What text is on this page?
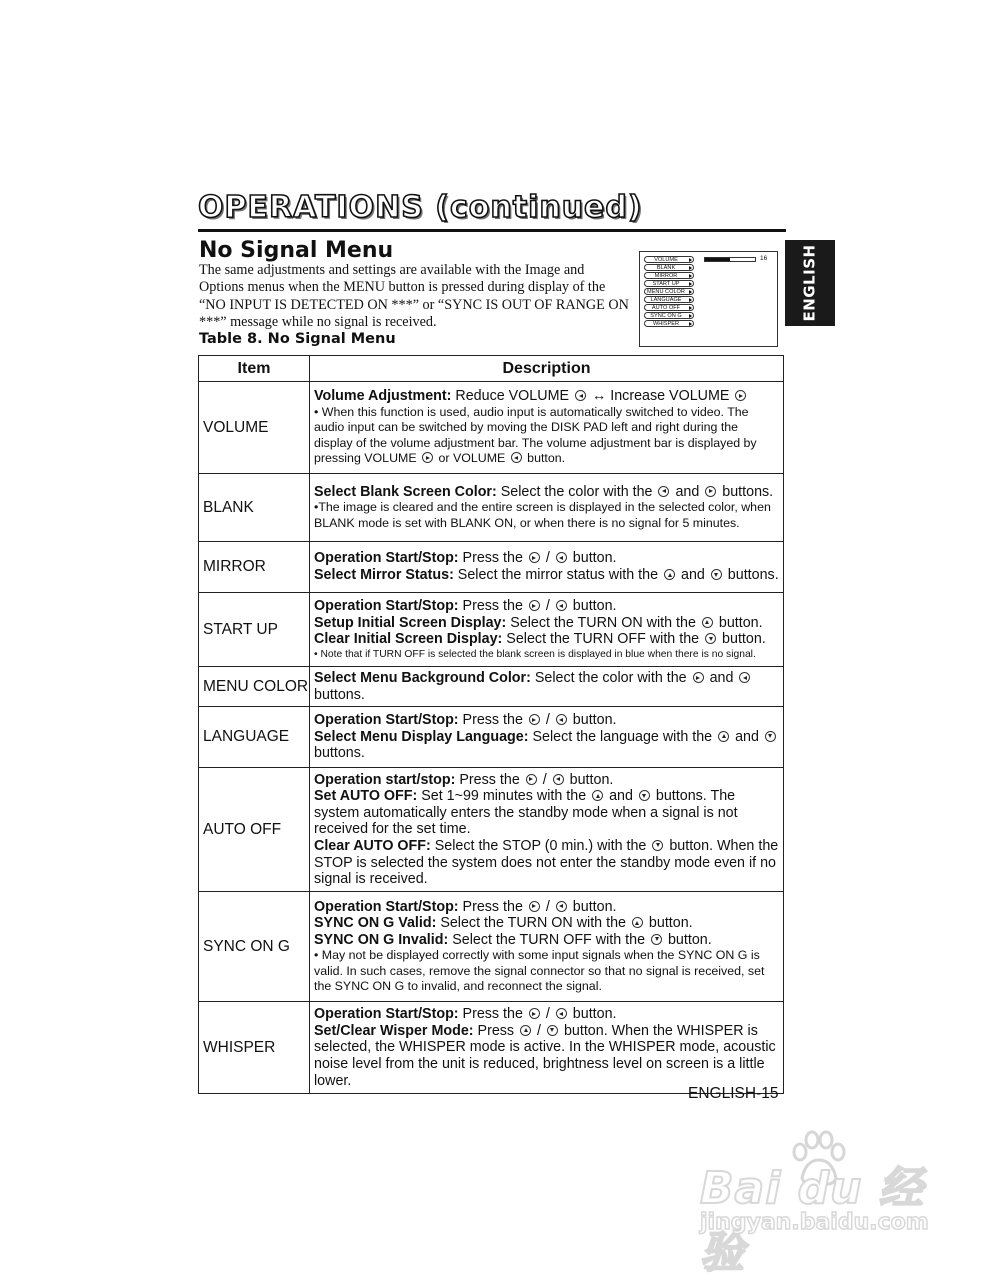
OPERATIONS (continued)
No Signal Menu

The same adjustments and settings are available with the Image and Options menus when the MENU button is pressed during display of the “NO INPUT IS DETECTED ON ***” or “SYNC IS OUT OF RANGE ON ***” message while no signal is received.

Table 8. No Signal Menu
VOLUME
BLANK
MIRROR
START UP
MENU COLOR
LANGUAGE
AUTO OFF
SYNC ON G
WHISPER
16 ENGLISH
Item	Description
VOLUME	Volume Adjustment: Reduce VOLUME  ↔ Increase VOLUME
• When this function is used, audio input is automatically switched to video. The audio input can be switched by moving the DISK PAD left and right during the display of the volume adjustment bar. The volume adjustment bar is displayed by pressing VOLUME  or VOLUME  button.

BLANK	Select Blank Screen Color: Select the color with the  and  buttons.
•The image is cleared and the entire screen is displayed in the selected color, when BLANK mode is set with BLANK ON, or when there is no signal for 5 minutes.

MIRROR	Operation Start/Stop: Press the  /  button.
Select Mirror Status: Select the mirror status with the  and  buttons.

START UP	Operation Start/Stop: Press the  /  button.
Setup Initial Screen Display: Select the TURN ON with the  button.
Clear Initial Screen Display: Select the TURN OFF with the  button.
• Note that if TURN OFF is selected the blank screen is displayed in blue when there is no signal.

MENU COLOR	Select Menu Background Color: Select the color with the  and  buttons.

LANGUAGE	Operation Start/Stop: Press the  /  button.
Select Menu Display Language: Select the language with the  and  buttons.

AUTO OFF	Operation start/stop: Press the  /  button.
Set AUTO OFF: Set 1~99 minutes with the  and  buttons. The system automatically enters the standby mode when a signal is not received for the set time.
Clear AUTO OFF: Select the STOP (0 min.) with the  button. When the STOP is selected the system does not enter the standby mode even if no signal is received.

SYNC ON G	Operation Start/Stop: Press the  /  button.
SYNC ON G Valid: Select the TURN ON with the  button.
SYNC ON G Invalid: Select the TURN OFF with the  button.
• May not be displayed correctly with some input signals when the SYNC ON G is valid. In such cases, remove the signal connector so that no signal is received, set the SYNC ON G to invalid, and reconnect the signal.

WHISPER	Operation Start/Stop: Press the  /  button.
Set/Clear Wisper Mode: Press  /  button. When the WHISPER is selected, the WHISPER mode is active. In the WHISPER mode, acoustic noise level from the unit is reduced, brightness level on screen is a little lower.
ENGLISH-15
Bai du 经验
jingyan.baidu.com
